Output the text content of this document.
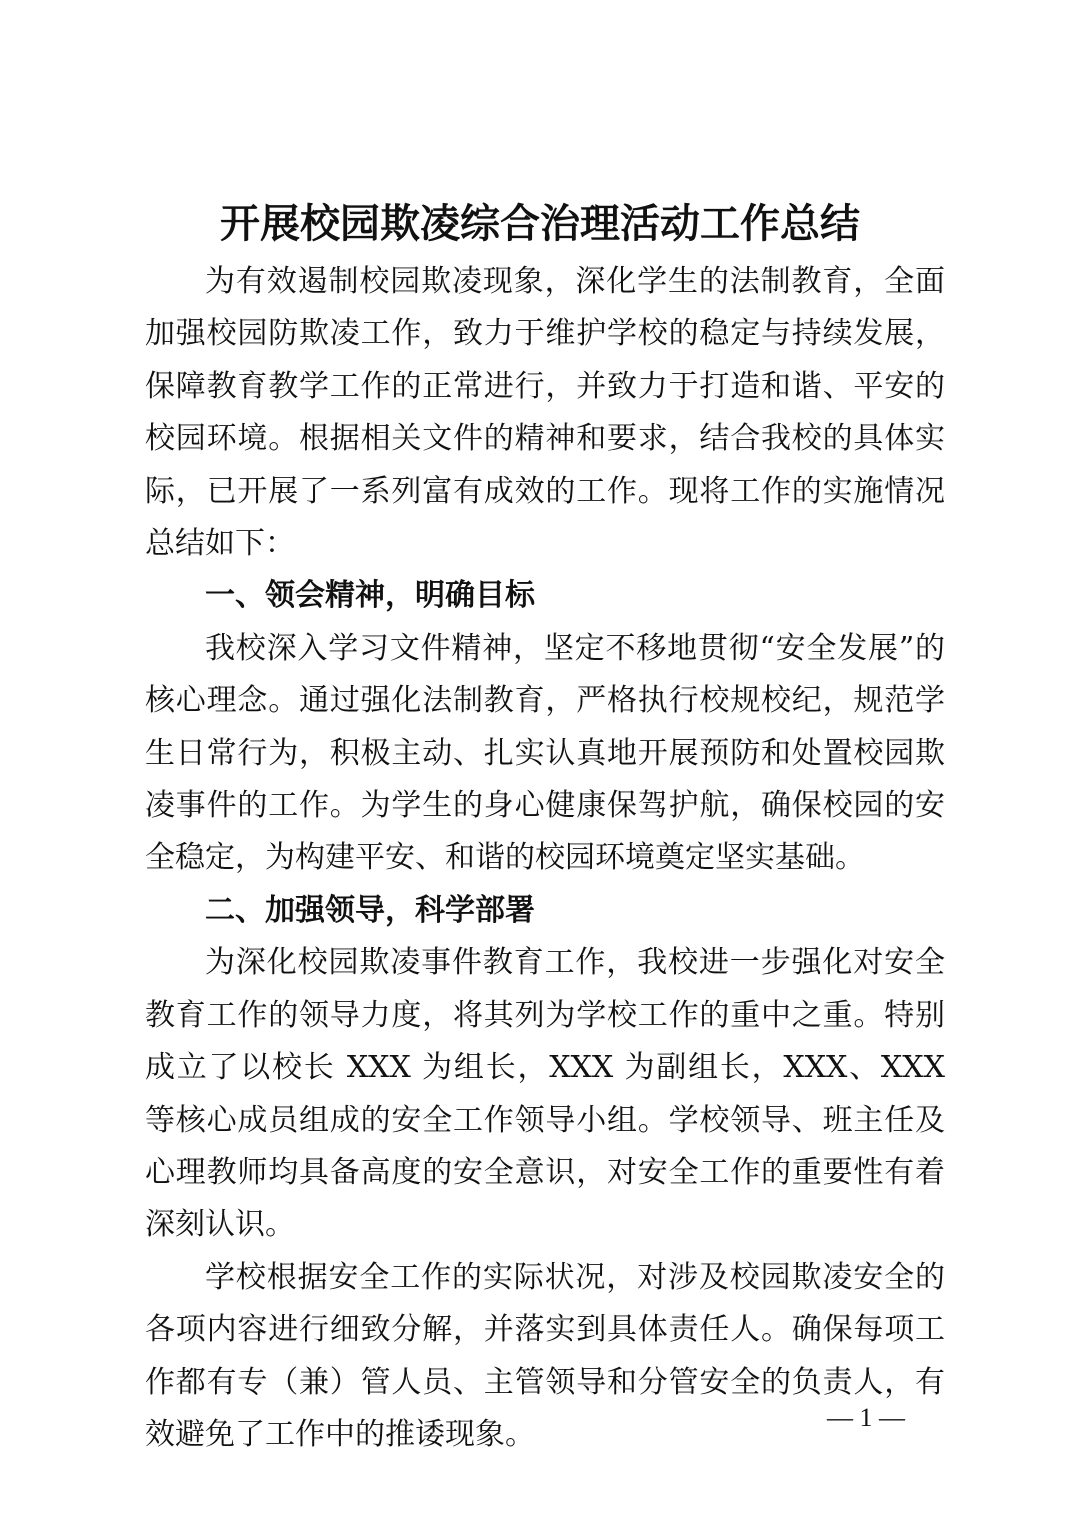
开展校园欺凌综合治理活动工作总结

为有效遏制校园欺凌现象，深化学生的法制教育，全面加强校园防欺凌工作，致力于维护学校的稳定与持续发展，保障教育教学工作的正常进行，并致力于打造和谐、平安的校园环境。根据相关文件的精神和要求，结合我校的具体实际，已开展了一系列富有成效的工作。现将工作的实施情况总结如下：

一、领会精神，明确目标

我校深入学习文件精神，坚定不移地贯彻“安全发展”的核心理念。通过强化法制教育，严格执行校规校纪，规范学生日常行为，积极主动、扎实认真地开展预防和处置校园欺凌事件的工作。为学生的身心健康保驾护航，确保校园的安全稳定，为构建平安、和谐的校园环境奠定坚实基础。

二、加强领导，科学部署

为深化校园欺凌事件教育工作，我校进一步强化对安全教育工作的领导力度，将其列为学校工作的重中之重。特别成立了以校长 XXX 为组长，XXX 为副组长，XXX、XXX 等核心成员组成的安全工作领导小组。学校领导、班主任及心理教师均具备高度的安全意识，对安全工作的重要性有着深刻认识。

学校根据安全工作的实际状况，对涉及校园欺凌安全的各项内容进行细致分解，并落实到具体责任人。确保每项工作都有专（兼）管人员、主管领导和分管安全的负责人，有效避免了工作中的推诿现象。	— 1 —
